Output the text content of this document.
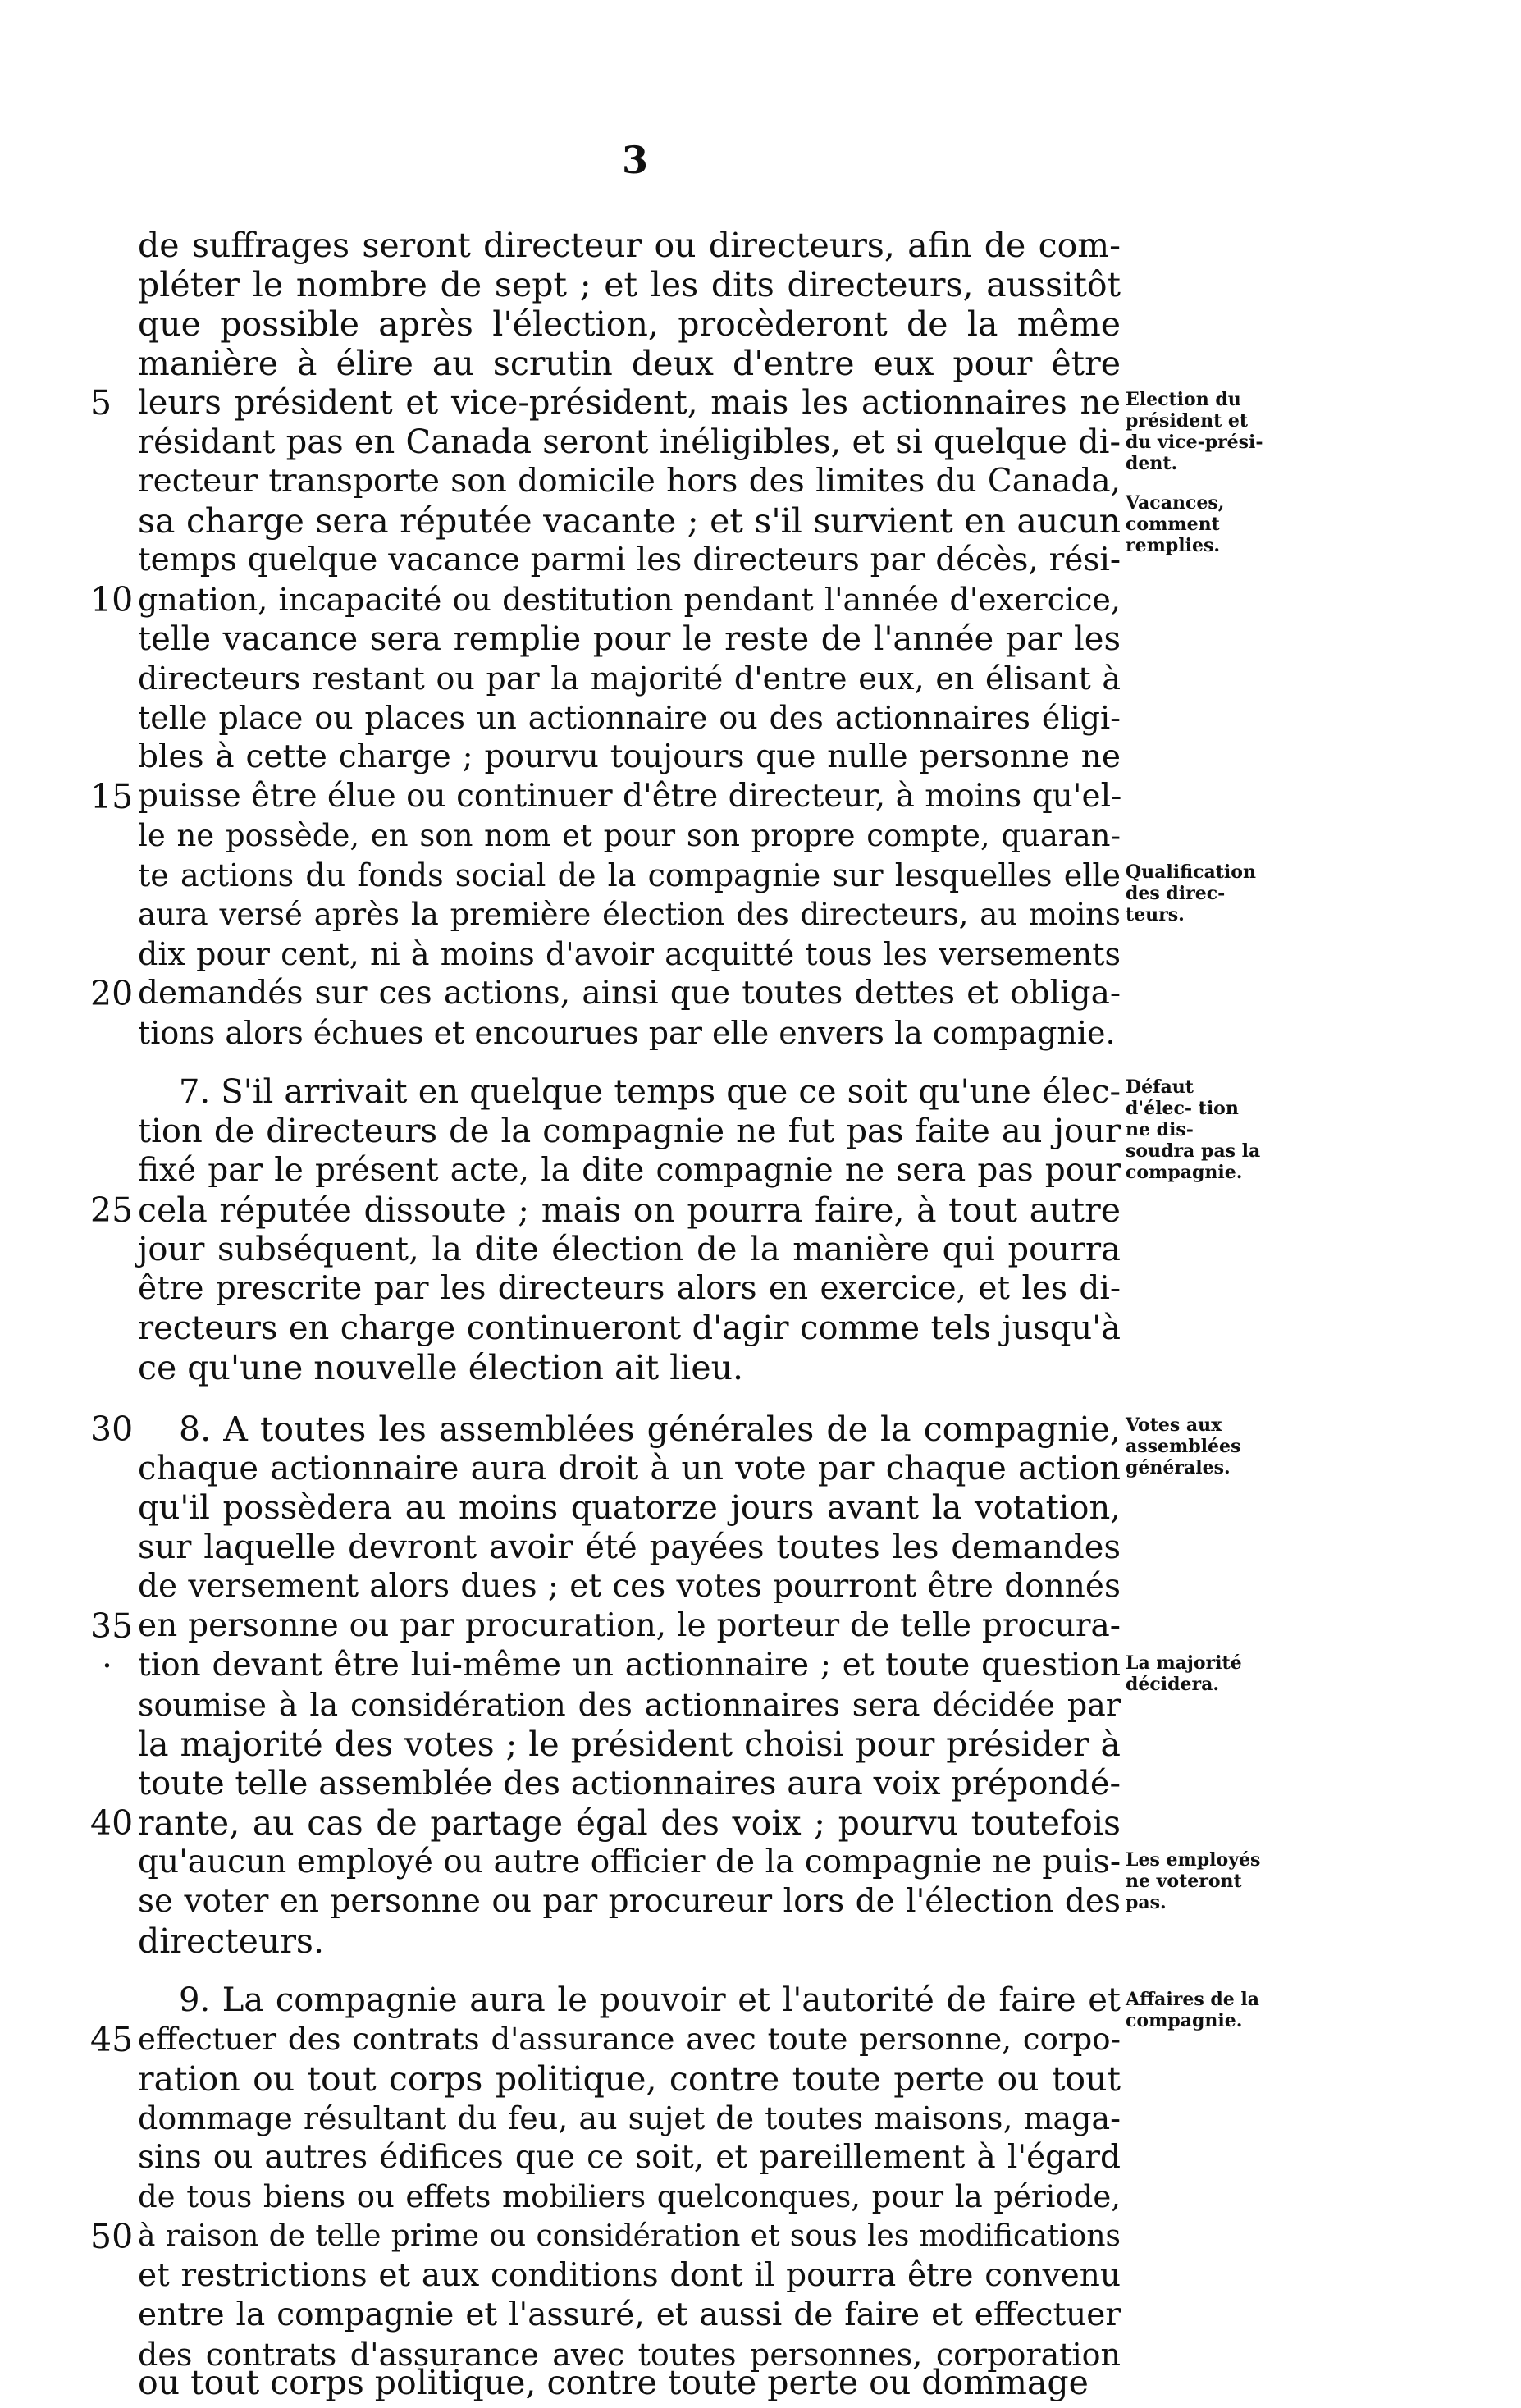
3
de suffrages seront directeur ou directeurs, afin de com-
pléter le nombre de sept ; et les dits directeurs, aussitôt
que possible après l'élection, procèderont de la même
manière à élire au scrutin deux d'entre eux pour être
leurs président et vice-président, mais les actionnaires ne
résidant pas en Canada seront inéligibles, et si quelque di-
recteur transporte son domicile hors des limites du Canada,
sa charge sera réputée vacante ; et s'il survient en aucun
temps quelque vacance parmi les directeurs par décès, rési-
gnation, incapacité ou destitution pendant l'année d'exercice,
telle vacance sera remplie pour le reste de l'année par les
directeurs restant ou par la majorité d'entre eux, en élisant à
telle place ou places un actionnaire ou des actionnaires éligi-
bles à cette charge ; pourvu toujours que nulle personne ne
puisse être élue ou continuer d'être directeur, à moins qu'el-
le ne possède, en son nom et pour son propre compte, quaran-
te actions du fonds social de la compagnie sur lesquelles elle
aura versé après la première élection des directeurs, au moins
dix pour cent, ni à moins d'avoir acquitté tous les versements
demandés sur ces actions, ainsi que toutes dettes et obliga-
tions alors échues et encourues par elle envers la compagnie.
7. S'il arrivait en quelque temps que ce soit qu'une élec-
tion de directeurs de la compagnie ne fut pas faite au jour
fixé par le présent acte, la dite compagnie ne sera pas pour
cela réputée dissoute ; mais on pourra faire, à tout autre
jour subséquent, la dite élection de la manière qui pourra
être prescrite par les directeurs alors en exercice, et les di-
recteurs en charge continueront d'agir comme tels jusqu'à
ce qu'une nouvelle élection ait lieu.
8. A toutes les assemblées générales de la compagnie,
chaque actionnaire aura droit à un vote par chaque action
qu'il possèdera au moins quatorze jours avant la votation,
sur laquelle devront avoir été payées toutes les demandes
de versement alors dues ; et ces votes pourront être donnés
en personne ou par procuration, le porteur de telle procura-
tion devant être lui-même un actionnaire ; et toute question
soumise à la considération des actionnaires sera décidée par
la majorité des votes ; le président choisi pour présider à
toute telle assemblée des actionnaires aura voix prépondé-
rante, au cas de partage égal des voix ; pourvu toutefois
qu'aucun employé ou autre officier de la compagnie ne puis-
se voter en personne ou par procureur lors de l'élection des
directeurs.
9. La compagnie aura le pouvoir et l'autorité de faire et
effectuer des contrats d'assurance avec toute personne, corpo-
ration ou tout corps politique, contre toute perte ou tout
dommage résultant du feu, au sujet de toutes maisons, maga-
sins ou autres édifices que ce soit, et pareillement à l'égard
de tous biens ou effets mobiliers quelconques, pour la période,
à raison de telle prime ou considération et sous les modifications
et restrictions et aux conditions dont il pourra être convenu
entre la compagnie et l'assuré, et aussi de faire et effectuer
des contrats d'assurance avec toutes personnes, corporation
ou tout corps politique, contre toute perte ou dommage
5
10
15
20
25
30
35
·
40
45
50
Election du président et du vice-prési- dent.
Vacances, comment remplies.
Qualification des direc- teurs.
Défaut d'élec- tion ne dis- soudra pas la compagnie.
Votes aux assemblées générales.
La majorité décidera.
Les employés ne voteront pas.
Affaires de la compagnie.
